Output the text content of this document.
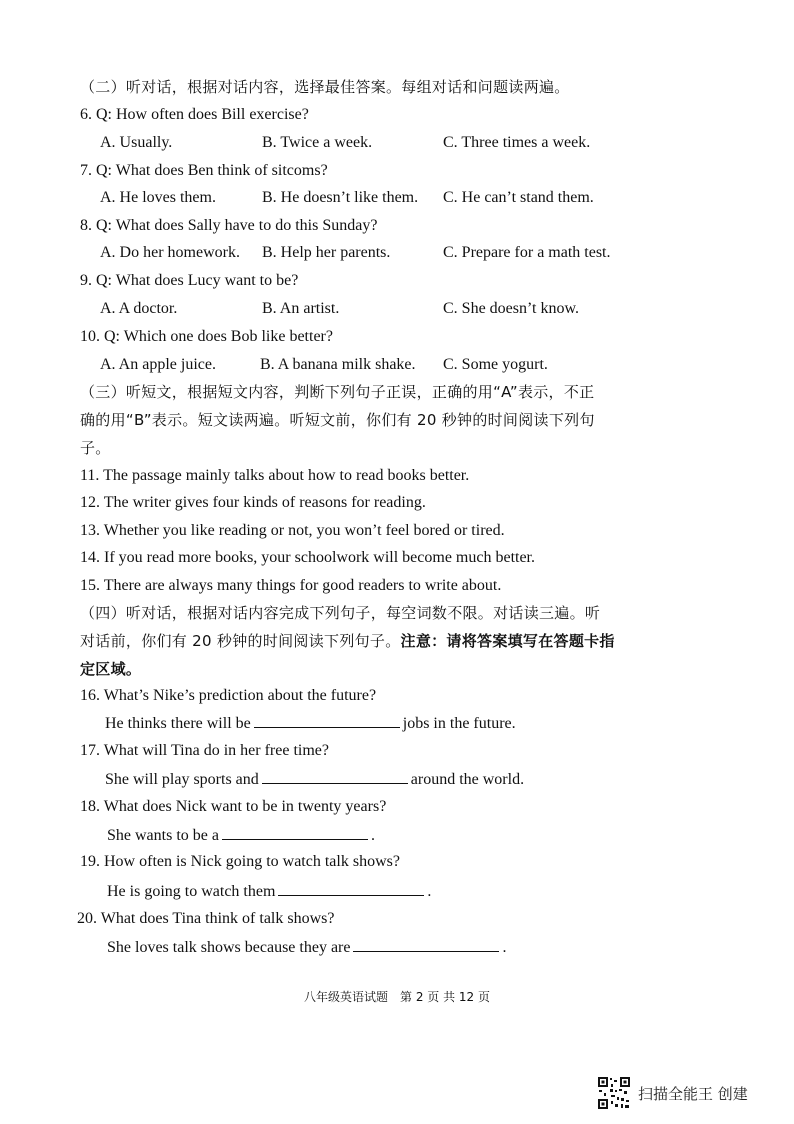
（二）听对话，根据对话内容，选择最佳答案。每组对话和问题读两遍。
6. Q: How often does Bill exercise?
A. Usually.	B. Twice a week.	C. Three times a week.
7. Q: What does Ben think of sitcoms?
A. He loves them.	B. He doesn’t like them. C. He can’t stand them.
8. Q: What does Sally have to do this Sunday?
A. Do her homework. B. Help her parents.	C. Prepare for a math test.
9. Q: What does Lucy want to be?
A. A doctor.	B. An artist.	C. She doesn’t know.
10. Q: Which one does Bob like better?
A. An apple juice.	B. A banana milk shake. C. Some yogurt.
（三）听短文，根据短文内容，判断下列句子正误，正确的用“A”表示，不正
确的用“B”表示。短文读两遍。听短文前，你们有 20 秒钟的时间阅读下列句
子。
11. The passage mainly talks about how to read books better.
12. The writer gives four kinds of reasons for reading.
13. Whether you like reading or not, you won’t feel bored or tired.
14. If you read more books, your schoolwork will become much better.
15. There are always many things for good readers to write about.
（四）听对话，根据对话内容完成下列句子，每空词数不限。对话读三遍。听
对话前，你们有 20 秒钟的时间阅读下列句子。注意：请将答案填写在答题卡指
定区域。
16. What’s Nike’s prediction about the future?
He thinks there will be	jobs in the future.
17. What will Tina do in her free time?
She will play sports and	around the world.
18. What does Nick want to be in twenty years?
She wants to be a	.
19. How often is Nick going to watch talk shows?
He is going to watch them	.
20. What does Tina think of talk shows?
She loves talk shows because they are	.
八年级英语试题　第 2 页 共 12 页
扫描全能王 创建
